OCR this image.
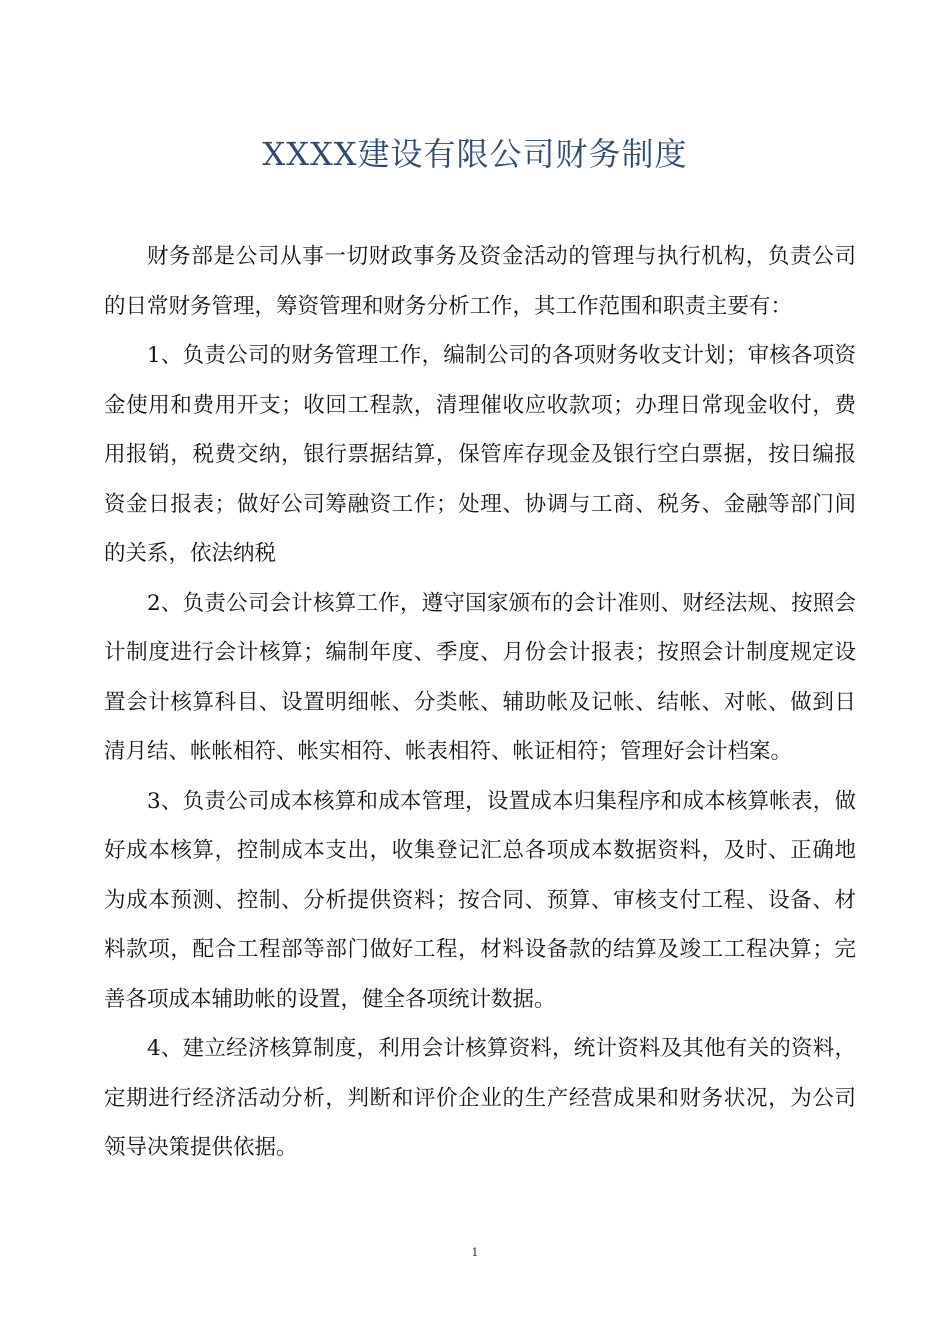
XXXX建设有限公司财务制度

财务部是公司从事一切财政事务及资金活动的管理与执行机构，负责公司的日常财务管理，筹资管理和财务分析工作，其工作范围和职责主要有：

1、负责公司的财务管理工作，编制公司的各项财务收支计划；审核各项资金使用和费用开支；收回工程款，清理催收应收款项；办理日常现金收付，费用报销，税费交纳，银行票据结算，保管库存现金及银行空白票据，按日编报资金日报表；做好公司筹融资工作；处理、协调与工商、税务、金融等部门间的关系，依法纳税

2、负责公司会计核算工作，遵守国家颁布的会计准则、财经法规、按照会计制度进行会计核算；编制年度、季度、月份会计报表；按照会计制度规定设置会计核算科目、设置明细帐、分类帐、辅助帐及记帐、结帐、对帐、做到日清月结、帐帐相符、帐实相符、帐表相符、帐证相符；管理好会计档案。

3、负责公司成本核算和成本管理，设置成本归集程序和成本核算帐表，做好成本核算，控制成本支出，收集登记汇总各项成本数据资料，及时、正确地为成本预测、控制、分析提供资料；按合同、预算、审核支付工程、设备、材料款项，配合工程部等部门做好工程，材料设备款的结算及竣工工程决算；完善各项成本辅助帐的设置，健全各项统计数据。

4、建立经济核算制度，利用会计核算资料，统计资料及其他有关的资料，定期进行经济活动分析，判断和评价企业的生产经营成果和财务状况，为公司领导决策提供依据。

1
